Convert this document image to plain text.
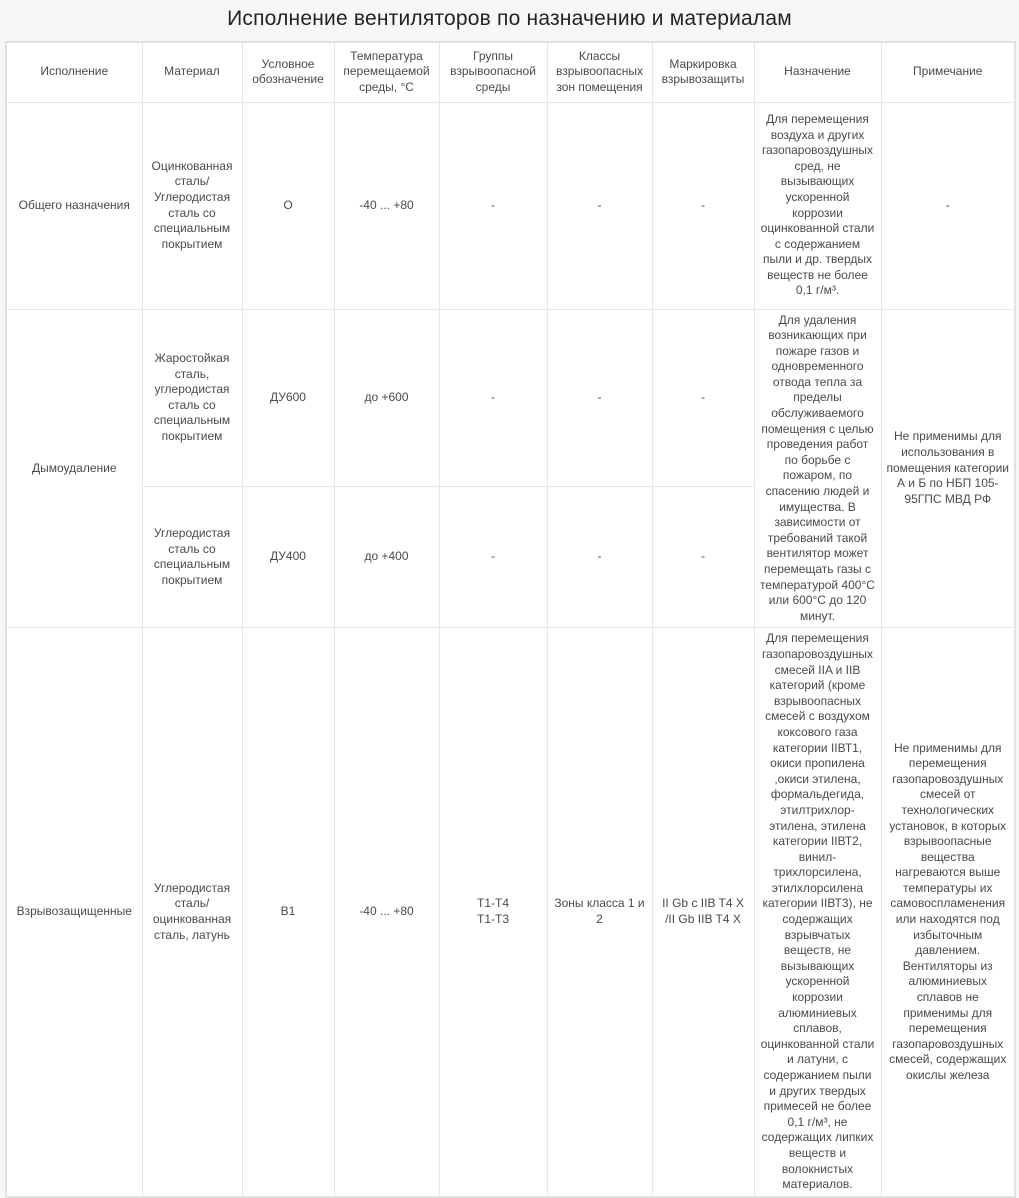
Исполнение вентиляторов по назначению и материалам
Исполнение	Материал	Условное обозначение	Температура перемещаемой среды, °С	Группы взрывоопасной среды	Классы взрывоопасных зон помещения	Маркировка взрывозащиты	Назначение	Примечание
Общего назначения	Оцинкованная сталь/ Углеродистая сталь со специальным покрытием	О	-40 ... +80	-	-	-	Для перемещения воздуха и других газопаровоздушных сред, не вызывающих ускоренной коррозии оцинкованной стали с содержанием пыли и др. твердых веществ не более 0,1 г/м³.	-
Дымоудаление	Жаростойкая сталь, углеродистая сталь со специальным покрытием	ДУ600	до +600	-	-	-	Для удаления возникающих при пожаре газов и одновременного отвода тепла за пределы обслуживаемого помещения с целью проведения работ по борьбе с пожаром, по спасению людей и имущества. В зависимости от требований такой вентилятор может перемещать газы с температурой 400°С или 600°С до 120 минут.	Не применимы для использования в помещения категории А и Б по НБП 105-95ГПС МВД РФ
	Углеродистая сталь со специальным покрытием	ДУ400	до +400	-	-	-		
Взрывозащищенные	Углеродистая сталь/ оцинкованная сталь, латунь	В1	-40 ... +80	Т1-Т4
Т1-Т3	Зоны класса 1 и 2	II Gb с IIB T4 X
/II Gb IIB T4 X	Для перемещения газопаровоздушных смесей IIA и IIB категорий (кроме взрывоопасных смесей с воздухом коксового газа категории IIВТ1, окиси пропилена ,окиси этилена, формальдегида, этилтрихлор-этилена, этилена категории IIВТ2, винил-трихлорсилена, этилхлорсилена категории IIВТ3), не содержащих взрывчатых веществ, не вызывающих ускоренной коррозии алюминиевых сплавов, оцинкованной стали и латуни, с содержанием пыли и других твердых примесей не более 0,1 г/м³, не содержащих липких веществ и волокнистых материалов.	Не применимы для перемещения газопаровоздушных смесей от технологических установок, в которых взрывоопасные вещества нагреваются выше температуры их самовоспламенения или находятся под избыточным давлением. Вентиляторы из алюминиевых сплавов не применимы для перемещения газопаровоздушных смесей, содержащих окислы железа
